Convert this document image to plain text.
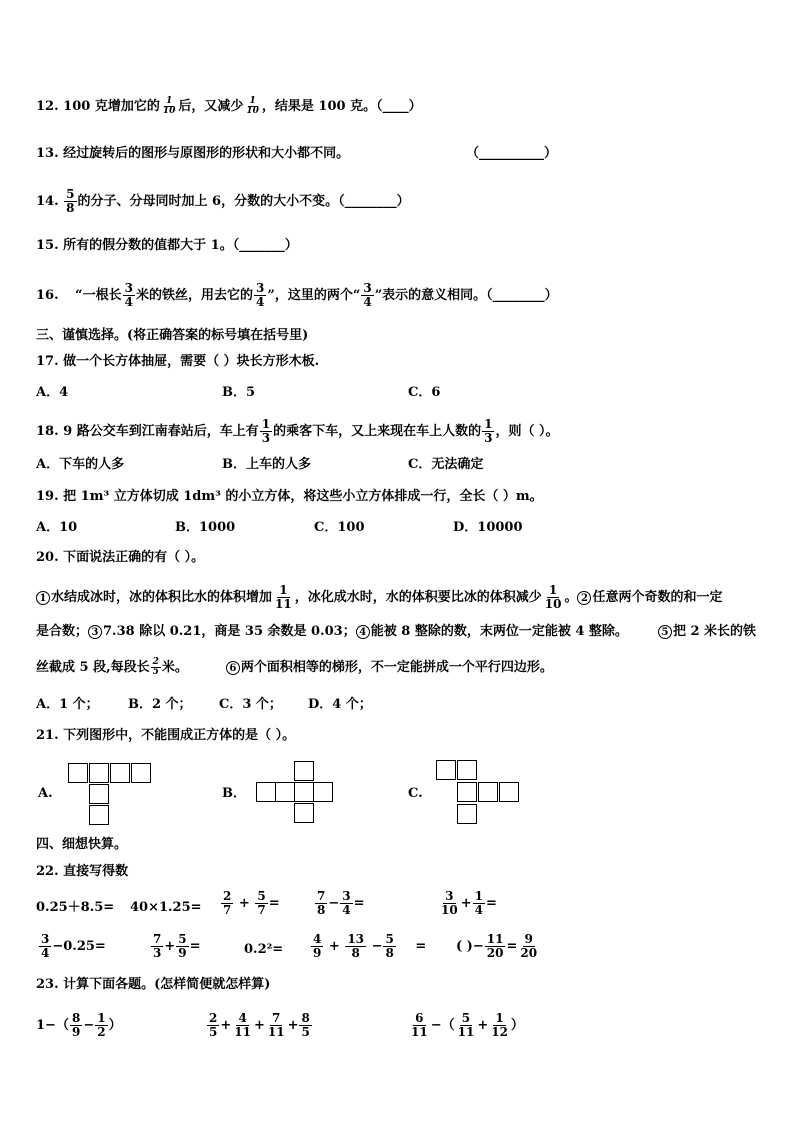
12. 100 克增加它的 $\frac{1}{10}$ 后，又减少 $\frac{1}{10}$ ，结果是 100 克。（____）
13. 经过旋转后的图形与原图形的形状和大小都不同。	（__________）
14. $\frac{5}{8}$ 的分子、分母同时加上 6，分数的大小不变。（________）
15. 所有的假分数的值都大于 1。（_______）
16. “一根长 $\frac{3}{4}$ 米的铁丝，用去它的 $\frac{3}{4}$ ”，这里的两个“ $\frac{3}{4}$ ”表示的意义相同。（________）
三、谨慎选择。(将正确答案的标号填在括号里)
17. 做一个长方体抽屉，需要（ ）块长方形木板.
A．4	B．5	C．6
18. 9 路公交车到江南春站后，车上有 $\frac{1}{3}$ 的乘客下车，又上来现在车上人数的 $\frac{1}{3}$ ，则（ ）。
A．下车的人多	B．上车的人多	C．无法确定
19. 把 1m³ 立方体切成 1dm³ 的小立方体，将这些小立方体排成一行，全长（ ）m。
A．10	B．1000	C．100	D．10000
20. 下面说法正确的有（ ）。
1 水结成冰时，冰的体积比水的体积增加 $\frac{1}{11}$ ，冰化成水时，水的体积要比冰的体积减少 $\frac{1}{10}$ 。 2 任意两个奇数的和一定
是合数； 3 7.38 除以 0.21，商是 35 余数是 0.03； 4 能被 8 整除的数，末两位一定能被 4 整除。	5 把 2 米长的铁
丝截成 5 段,每段长 $\frac{2}{5}$ 米。	6 两个面积相等的梯形，不一定能拼成一个平行四边形。
A．1 个； B．2 个； C．3 个； D．4 个；
21. 下列图形中，不能围成正方体的是（ ）。
A.	B．	C.
四、细想快算。
22. 直接写得数
$0.25+8.5= 40\times 1.25= \frac{2}{7} + \frac{5}{7}$ =	$\frac{7}{8} - \frac{3}{4}$ =	$\frac{3}{10} + \frac{1}{4}$ =
$\frac{3}{4} -0.25=$	$\frac{7}{3} + \frac{5}{9}$ =	$0.2^2= \frac{4}{9} + \frac{13}{8} - \frac{5}{8}$ = ( )− $\frac{11}{20} = \frac{9}{20}$
23. 计算下面各题。(怎样简便就怎样算)
$1-( \frac{8}{9} - \frac{1}{2}$ ）	$\frac{2}{5} + \frac{4}{11} + \frac{7}{11} + \frac{8}{5}$	$\frac{6}{11}$ −（ $\frac{5}{11} + \frac{1}{12}$ ）
